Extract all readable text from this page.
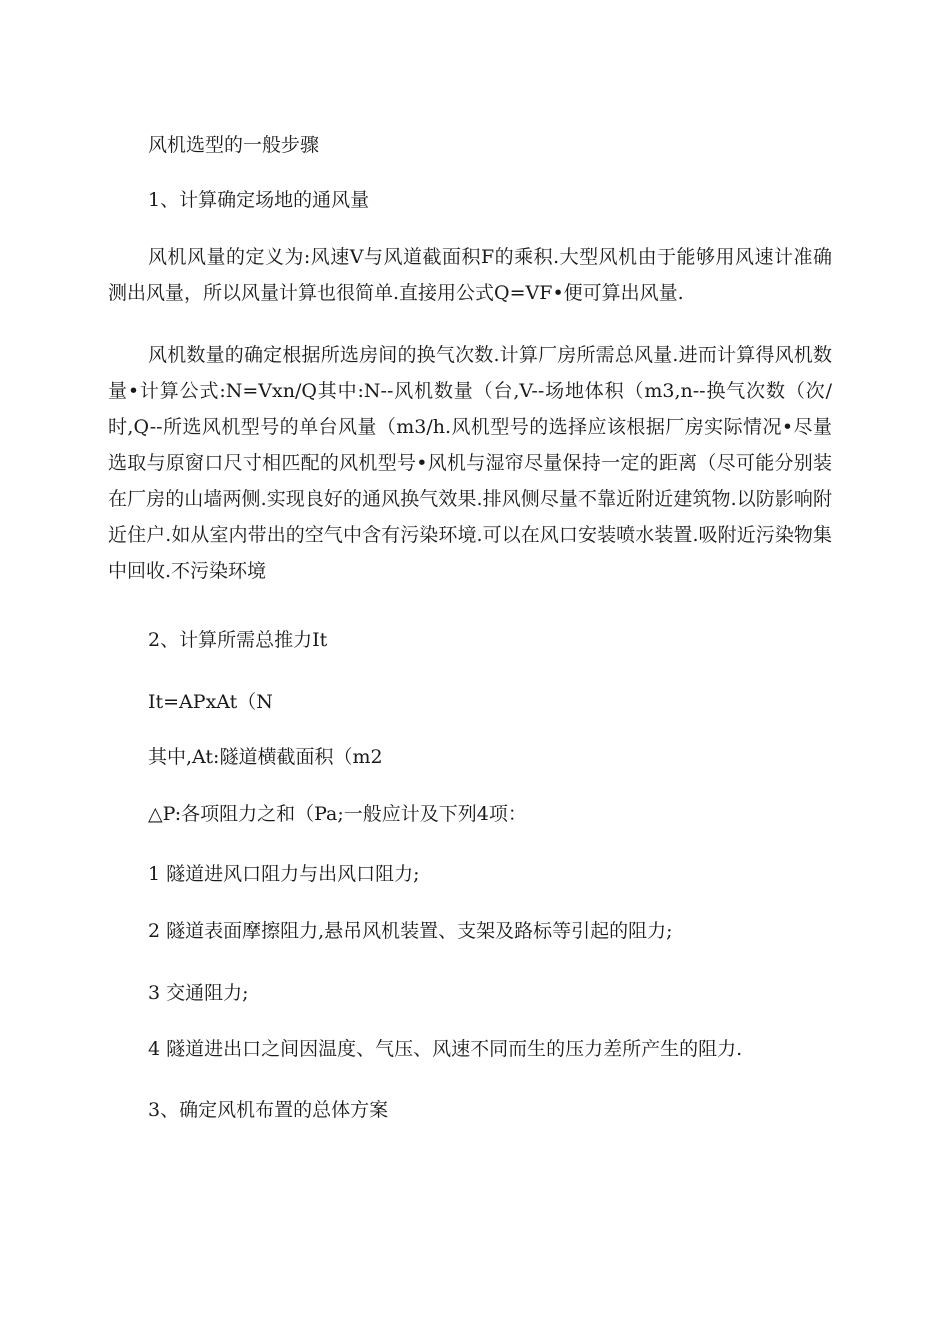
风机选型的一般步骤
1、计算确定场地的通风量
风机风量的定义为:风速V与风道截面积F的乘积.大型风机由于能够用风速计准确测出风量，所以风量计算也很简单.直接用公式Q=VF•便可算出风量.
风机数量的确定根据所选房间的换气次数.计算厂房所需总风量.进而计算得风机数量•计算公式:N=Vxn/Q其中:N--风机数量（台,V--场地体积（m3,n--换气次数（次/时,Q--所选风机型号的单台风量（m3/h.风机型号的选择应该根据厂房实际情况•尽量选取与原窗口尺寸相匹配的风机型号•风机与湿帘尽量保持一定的距离（尽可能分别装在厂房的山墙两侧.实现良好的通风换气效果.排风侧尽量不靠近附近建筑物.以防影响附近住户.如从室内带出的空气中含有污染环境.可以在风口安装喷水装置.吸附近污染物集中回收.不污染环境
2、计算所需总推力It
It=APxAt（N
其中,At:隧道横截面积（m2
△P:各项阻力之和（Pa;一般应计及下列4项：
1 隧道进风口阻力与出风口阻力;
2 隧道表面摩擦阻力,悬吊风机装置、支架及路标等引起的阻力;
3 交通阻力;
4 隧道进出口之间因温度、气压、风速不同而生的压力差所产生的阻力.
3、确定风机布置的总体方案
